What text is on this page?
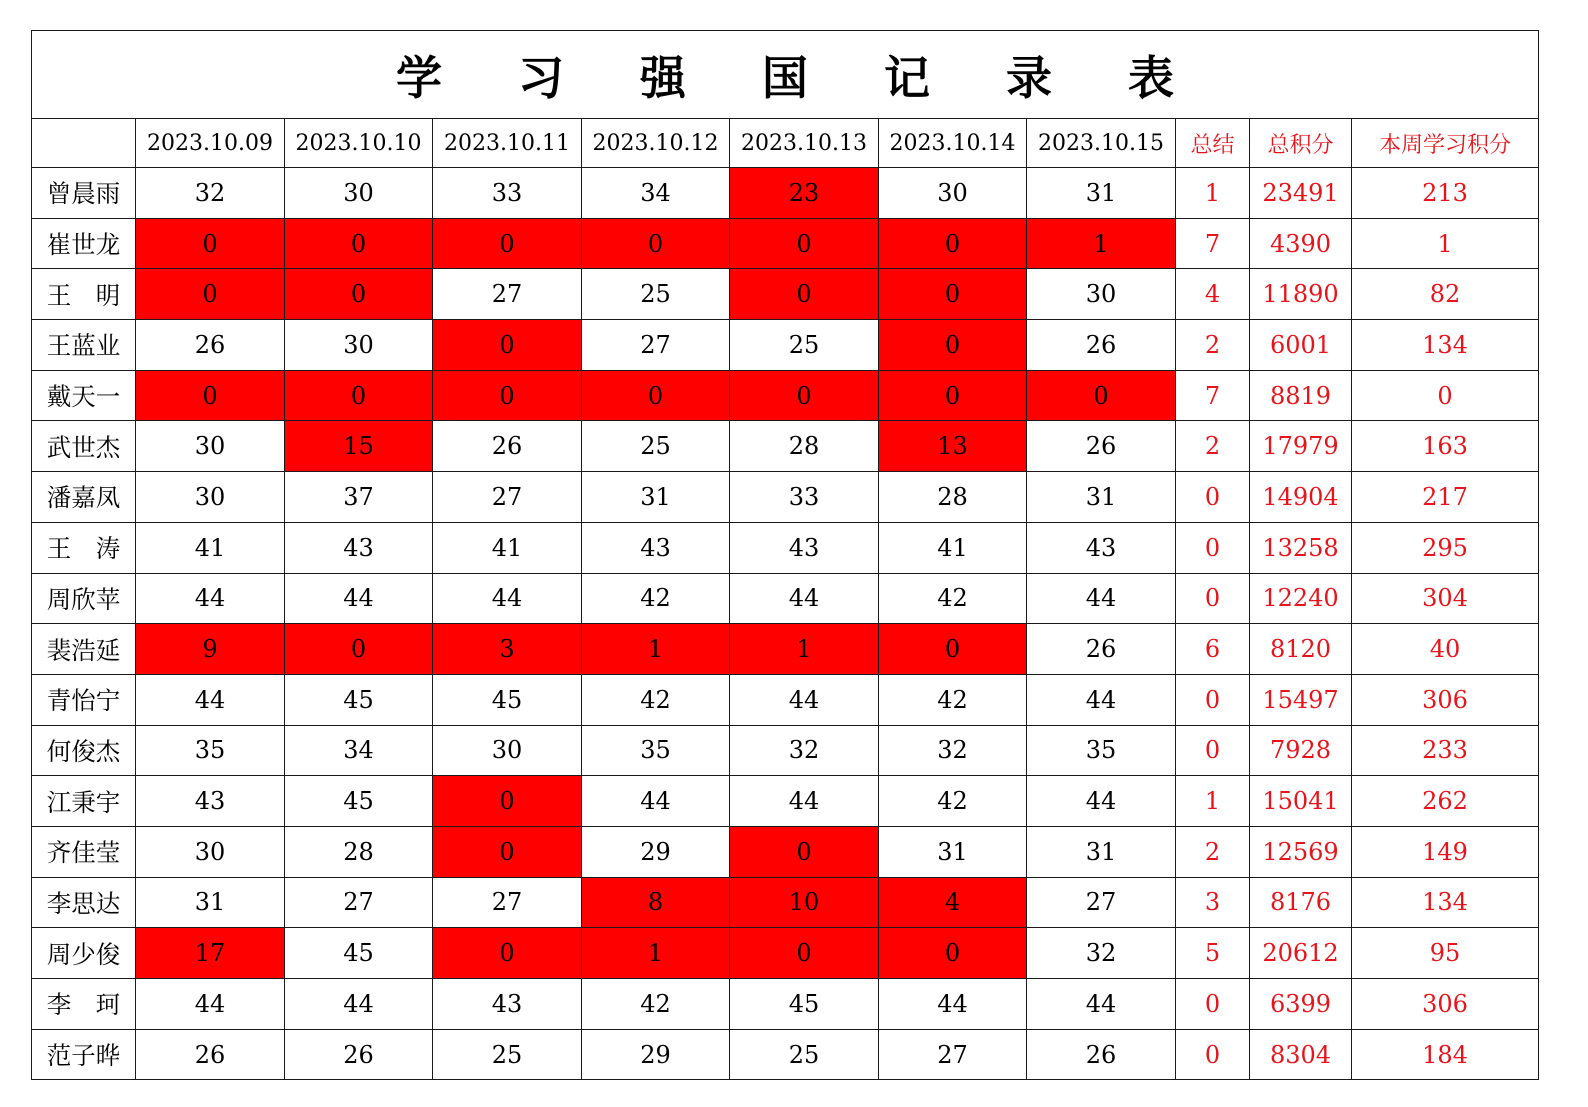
学 习 强 国 记 录 表										
	2023.10.09	2023.10.10	2023.10.11	2023.10.12	2023.10.13	2023.10.14	2023.10.15	总结	总积分	本周学习积分
曾晨雨	32	30	33	34	23	30	31	1	23491	213
崔世龙	0	0	0	0	0	0	1	7	4390	1
王　明	0	0	27	25	0	0	30	4	11890	82
王蓝业	26	30	0	27	25	0	26	2	6001	134
戴天一	0	0	0	0	0	0	0	7	8819	0
武世杰	30	15	26	25	28	13	26	2	17979	163
潘嘉凤	30	37	27	31	33	28	31	0	14904	217
王　涛	41	43	41	43	43	41	43	0	13258	295
周欣苹	44	44	44	42	44	42	44	0	12240	304
裴浩延	9	0	3	1	1	0	26	6	8120	40
青怡宁	44	45	45	42	44	42	44	0	15497	306
何俊杰	35	34	30	35	32	32	35	0	7928	233
江秉宇	43	45	0	44	44	42	44	1	15041	262
齐佳莹	30	28	0	29	0	31	31	2	12569	149
李思达	31	27	27	8	10	4	27	3	8176	134
周少俊	17	45	0	1	0	0	32	5	20612	95
李　珂	44	44	43	42	45	44	44	0	6399	306
范子晔	26	26	25	29	25	27	26	0	8304	184
